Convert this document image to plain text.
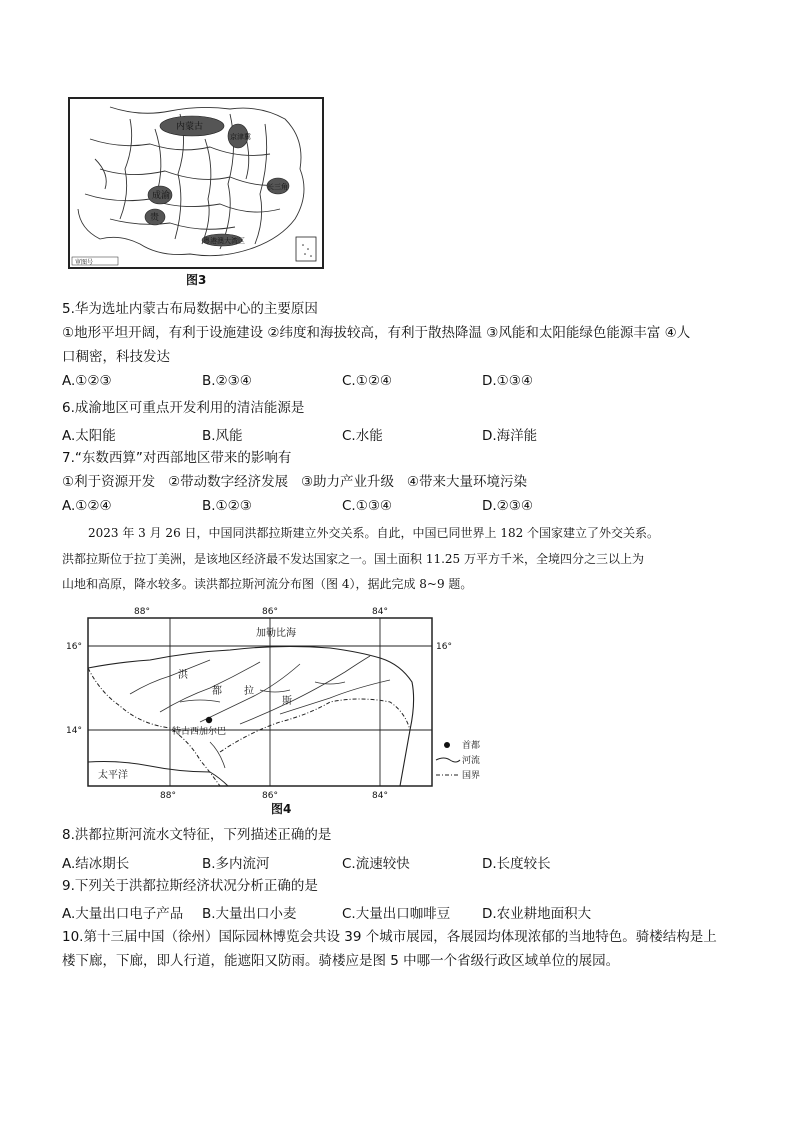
内蒙古
京津冀
成渝
长三角
贵
粤港澳大湾区
审图号
图3
5.华为选址内蒙古布局数据中心的主要原因
①地形平坦开阔，有利于设施建设 ②纬度和海拔较高，有利于散热降温 ③风能和太阳能绿色能源丰富 ④人
口稠密，科技发达
A.①②③	B.②③④	C.①②④	D.①③④
6.成渝地区可重点开发利用的清洁能源是
A.太阳能	B.风能	C.水能	D.海洋能
7.“东数西算”对西部地区带来的影响有
①利于资源开发   ②带动数字经济发展   ③助力产业升级   ④带来大量环境污染
A.①②④	B.①②③	C.①③④	D.②③④
2023 年 3 月 26 日，中国同洪都拉斯建立外交关系。自此，中国已同世界上 182 个国家建立了外交关系。
洪都拉斯位于拉丁美洲，是该地区经济最不发达国家之一。国土面积 11.25 万平方千米，全境四分之三以上为
山地和高原，降水较多。读洪都拉斯河流分布图（图 4），据此完成 8~9 题。
88°	86°	84°
88°	86°	84°
16°
14°
16°
加勒比海
太平洋
洪
都 拉
斯
特古西加尔巴
首都
河流
国界
图4
8.洪都拉斯河流水文特征，下列描述正确的是
A.结冰期长	B.多内流河	C.流速较快	D.长度较长
9.下列关于洪都拉斯经济状况分析正确的是
A.大量出口电子产品 B.大量出口小麦	C.大量出口咖啡豆 D.农业耕地面积大
10.第十三届中国（徐州）国际园林博览会共设 39 个城市展园，各展园均体现浓郁的当地特色。骑楼结构是上
楼下廊，下廊，即人行道，能遮阳又防雨。骑楼应是图 5 中哪一个省级行政区域单位的展园。
